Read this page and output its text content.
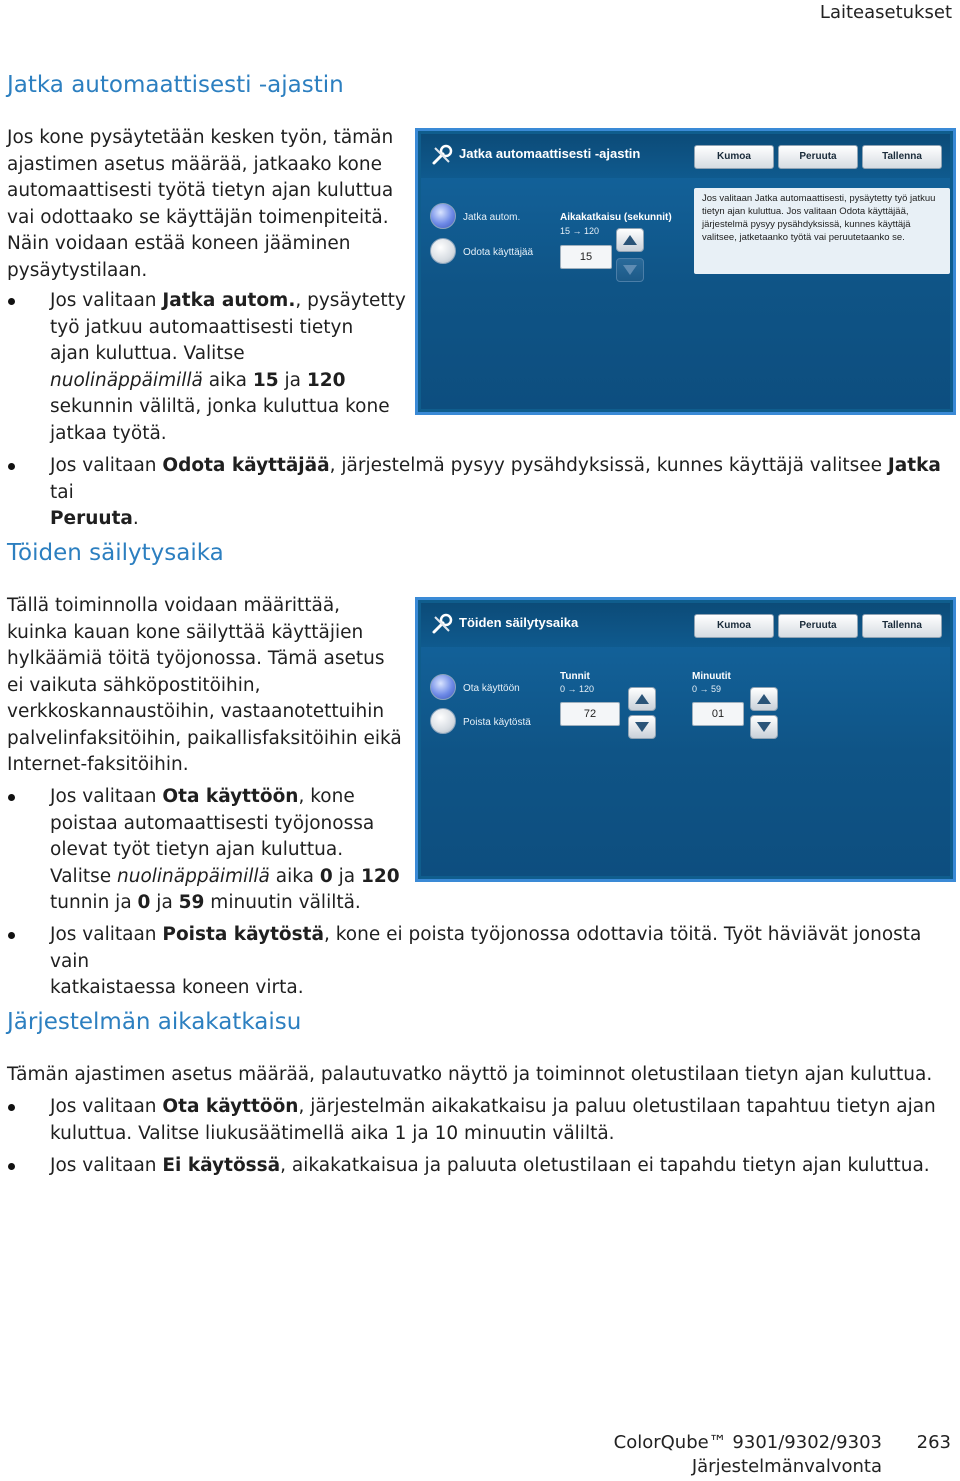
Laiteasetukset
Jatka automaattisesti -ajastin

Jos kone pysäytetään kesken työn, tämän
ajastimen asetus määrää, jatkaako kone
automaattisesti työtä tietyn ajan kuluttua
vai odottaako se käyttäjän toimenpiteitä.
Näin voidaan estää koneen jääminen
pysäytystilaan.

Jos valitaan Jatka autom., pysäytetty
työ jatkuu automaattisesti tietyn
ajan kuluttua. Valitse
nuolinäppäimillä aika 15 ja 120
sekunnin väliltä, jonka kuluttua kone
jatkaa työtä.

Jos valitaan Odota käyttäjää, järjestelmä pysyy pysähdyksissä, kunnes käyttäjä valitsee Jatka tai
Peruuta.

Jatka automaattisesti -ajastin	Kumoa	Peruuta	Tallenna
Jatka autom.
Odota käyttäjää
Aikakatkaisu (sekunnit)
15 → 120
15
Jos valitaan Jatka automaattisesti, pysäytetty työ jatkuu tietyn ajan kuluttua. Jos valitaan Odota käyttäjää, järjestelmä pysyy pysähdyksissä, kunnes käyttäjä valitsee, jatketaanko työtä vai peruutetaanko se.
Töiden säilytysaika

Tällä toiminnolla voidaan määrittää,
kuinka kauan kone säilyttää käyttäjien
hylkäämiä töitä työjonossa. Tämä asetus
ei vaikuta sähköpostitöihin,
verkkoskannaustöihin, vastaanotettuihin
palvelinfaksitöihin, paikallisfaksitöihin eikä
Internet-faksitöihin.

Jos valitaan Ota käyttöön, kone
poistaa automaattisesti työjonossa
olevat työt tietyn ajan kuluttua.
Valitse nuolinäppäimillä aika 0 ja 120
tunnin ja 0 ja 59 minuutin väliltä.

Jos valitaan Poista käytöstä, kone ei poista työjonossa odottavia töitä. Työt häviävät jonosta vain
katkaistaessa koneen virta.

Töiden säilytysaika	Kumoa	Peruuta	Tallenna
Ota käyttöön
Poista käytöstä
Tunnit
0 → 120
72
Minuutit
0 → 59
01
Järjestelmän aikakatkaisu

Tämän ajastimen asetus määrää, palautuvatko näyttö ja toiminnot oletustilaan tietyn ajan kuluttua.

Jos valitaan Ota käyttöön, järjestelmän aikakatkaisu ja paluu oletustilaan tapahtuu tietyn ajan
kuluttua. Valitse liukusäätimellä aika 1 ja 10 minuutin väliltä.

Jos valitaan Ei käytössä, aikakatkaisua ja paluuta oletustilaan ei tapahdu tietyn ajan kuluttua.

ColorQube™ 9301/9302/9303 263
Järjestelmänvalvonta
